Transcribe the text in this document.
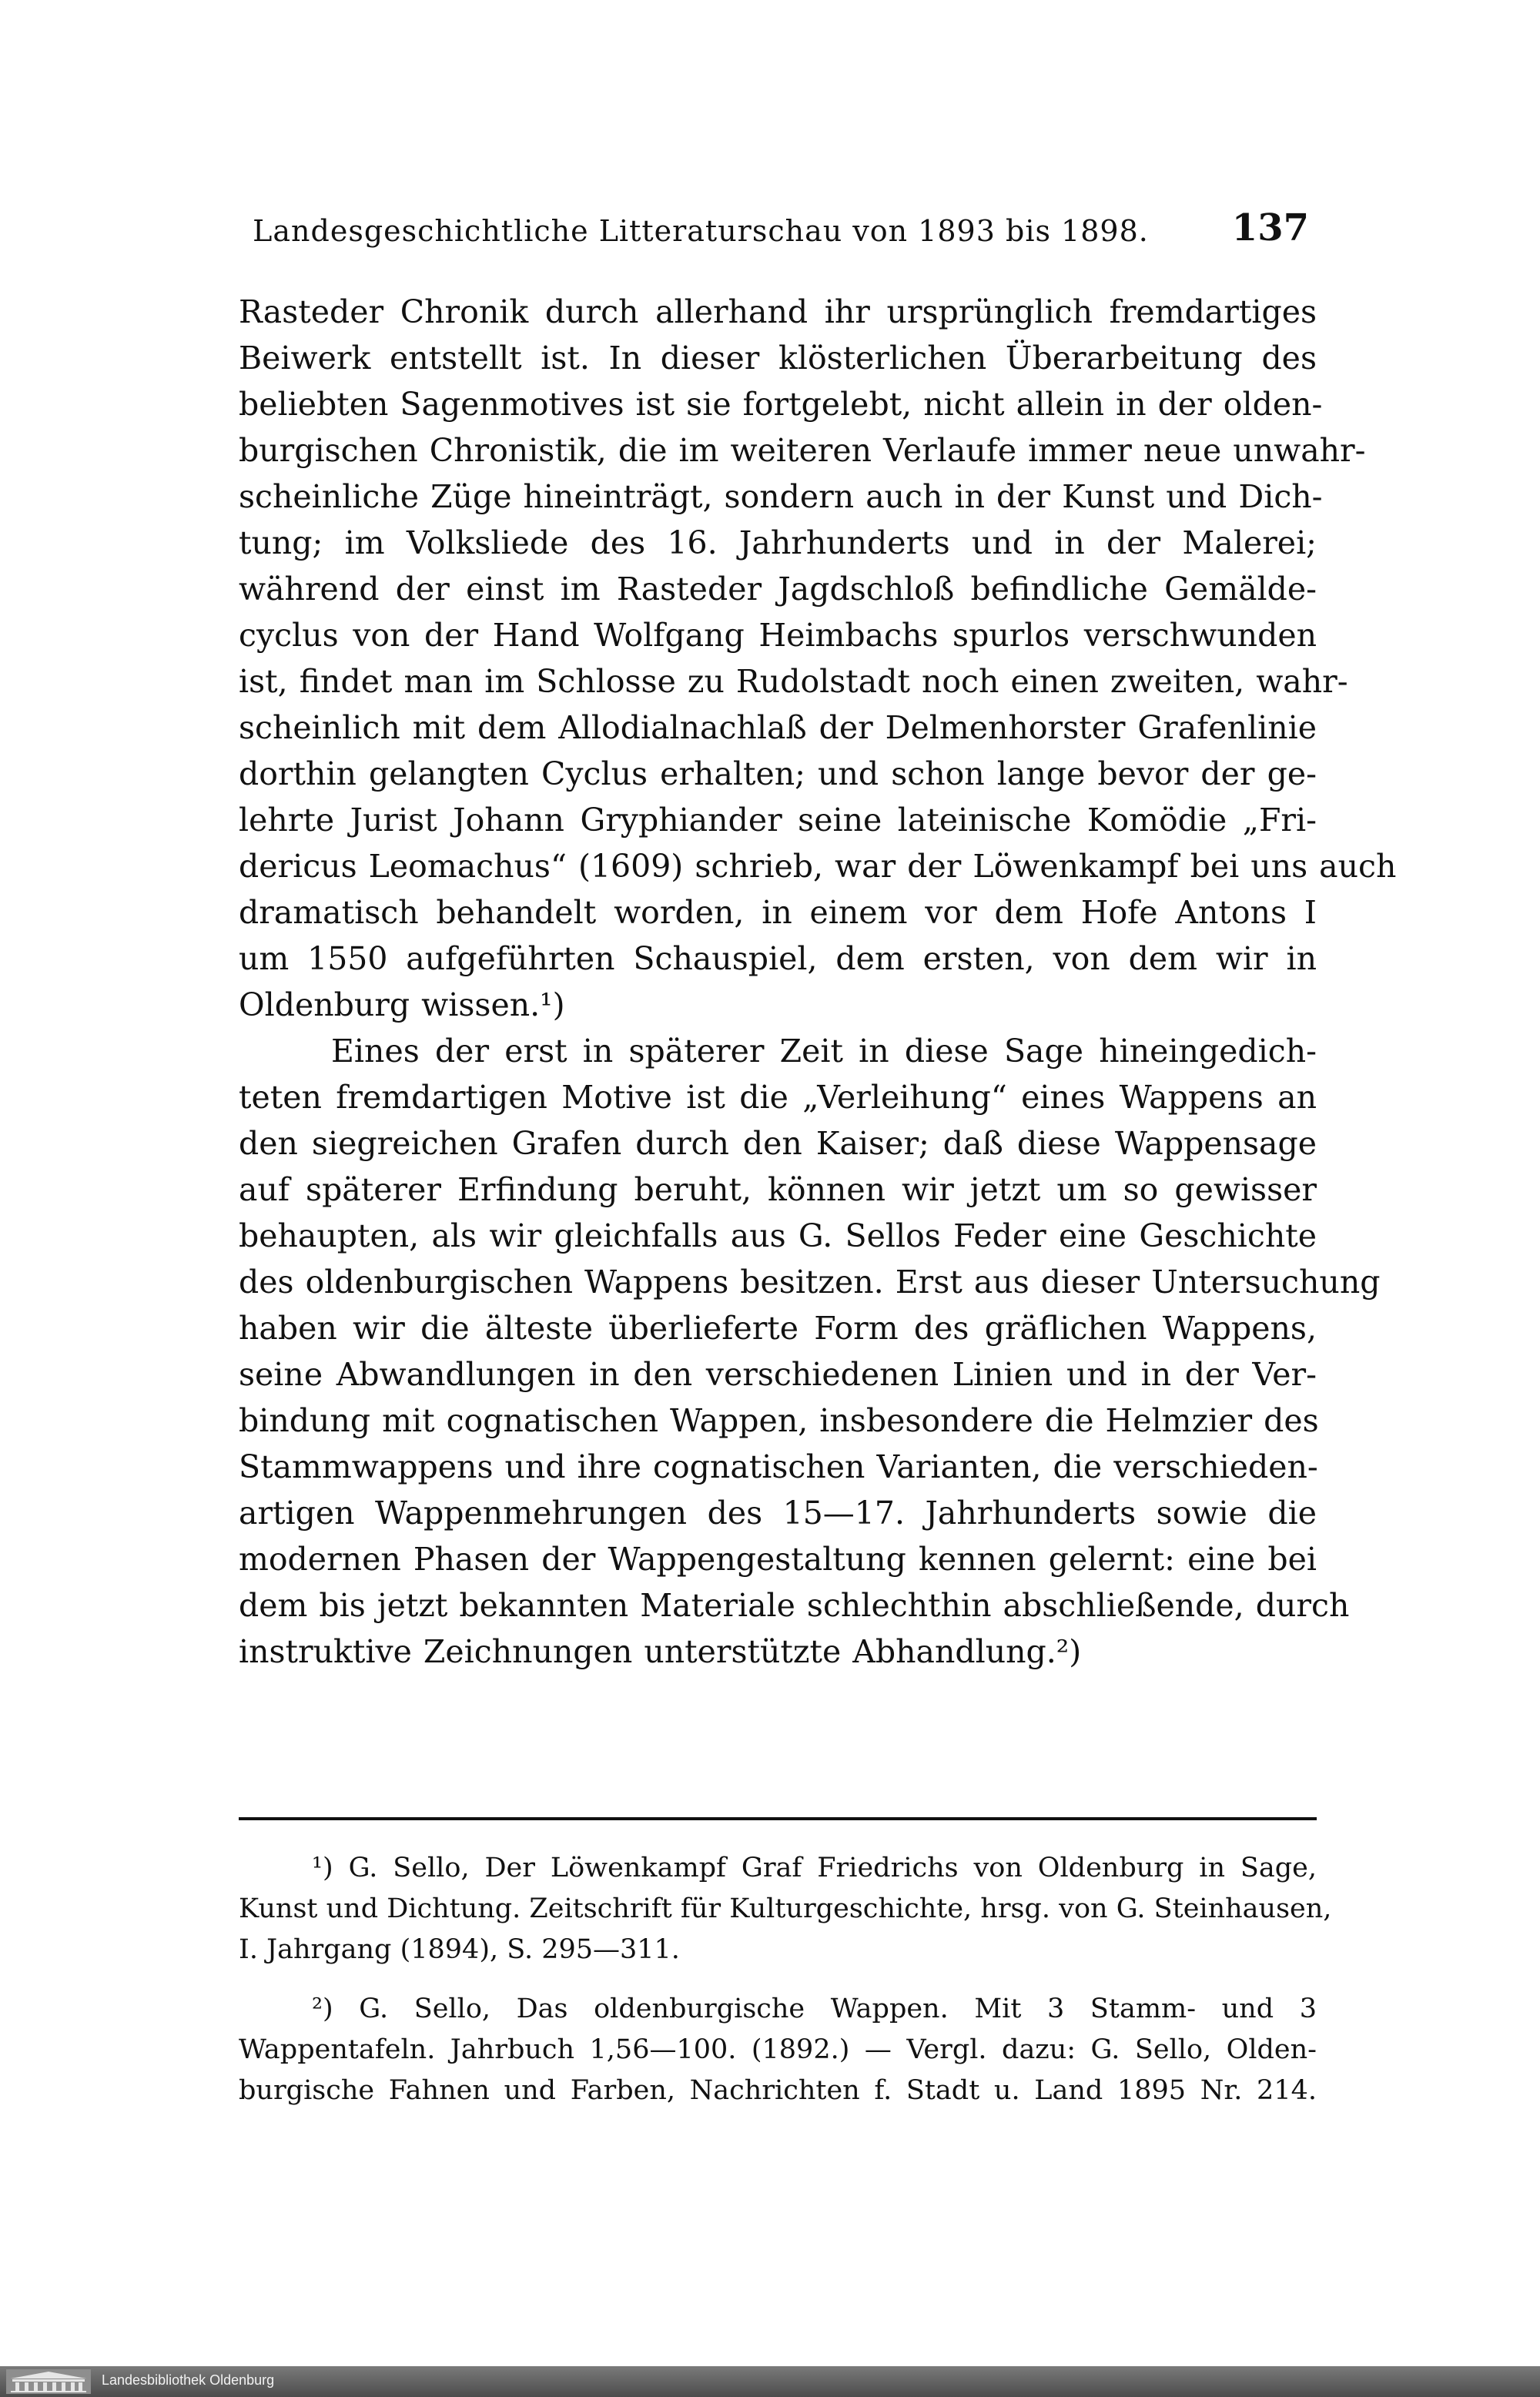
Landesgeschichtliche Litteraturschau von 1893 bis 1898.	137
Rasteder Chronik durch allerhand ihr ursprünglich fremdartiges
Beiwerk entstellt ist. In dieser klösterlichen Überarbeitung des
beliebten Sagenmotives ist sie fortgelebt, nicht allein in der olden-
burgischen Chronistik, die im weiteren Verlaufe immer neue unwahr-
scheinliche Züge hineinträgt, sondern auch in der Kunst und Dich-
tung; im Volksliede des 16. Jahrhunderts und in der Malerei;
während der einst im Rasteder Jagdschloß befindliche Gemälde-
cyclus von der Hand Wolfgang Heimbachs spurlos verschwunden
ist, findet man im Schlosse zu Rudolstadt noch einen zweiten, wahr-
scheinlich mit dem Allodialnachlaß der Delmenhorster Grafenlinie
dorthin gelangten Cyclus erhalten; und schon lange bevor der ge-
lehrte Jurist Johann Gryphiander seine lateinische Komödie „Fri-
dericus Leomachus“ (1609) schrieb, war der Löwenkampf bei uns auch
dramatisch behandelt worden, in einem vor dem Hofe Antons I
um 1550 aufgeführten Schauspiel, dem ersten, von dem wir in
Oldenburg wissen.¹)
Eines der erst in späterer Zeit in diese Sage hineingedich-
teten fremdartigen Motive ist die „Verleihung“ eines Wappens an
den siegreichen Grafen durch den Kaiser; daß diese Wappensage
auf späterer Erfindung beruht, können wir jetzt um so gewisser
behaupten, als wir gleichfalls aus G. Sellos Feder eine Geschichte
des oldenburgischen Wappens besitzen. Erst aus dieser Untersuchung
haben wir die älteste überlieferte Form des gräflichen Wappens,
seine Abwandlungen in den verschiedenen Linien und in der Ver-
bindung mit cognatischen Wappen, insbesondere die Helmzier des
Stammwappens und ihre cognatischen Varianten, die verschieden-
artigen Wappenmehrungen des 15—17. Jahrhunderts sowie die
modernen Phasen der Wappengestaltung kennen gelernt: eine bei
dem bis jetzt bekannten Materiale schlechthin abschließende, durch
instruktive Zeichnungen unterstützte Abhandlung.²)
¹) G. Sello, Der Löwenkampf Graf Friedrichs von Oldenburg in Sage,
Kunst und Dichtung. Zeitschrift für Kulturgeschichte, hrsg. von G. Steinhausen,
I. Jahrgang (1894), S. 295—311.
²) G. Sello, Das oldenburgische Wappen. Mit 3 Stamm- und 3
Wappentafeln. Jahrbuch 1,56—100. (1892.) — Vergl. dazu: G. Sello, Olden-
burgische Fahnen und Farben, Nachrichten f. Stadt u. Land 1895 Nr. 214.
Landesbibliothek Oldenburg
